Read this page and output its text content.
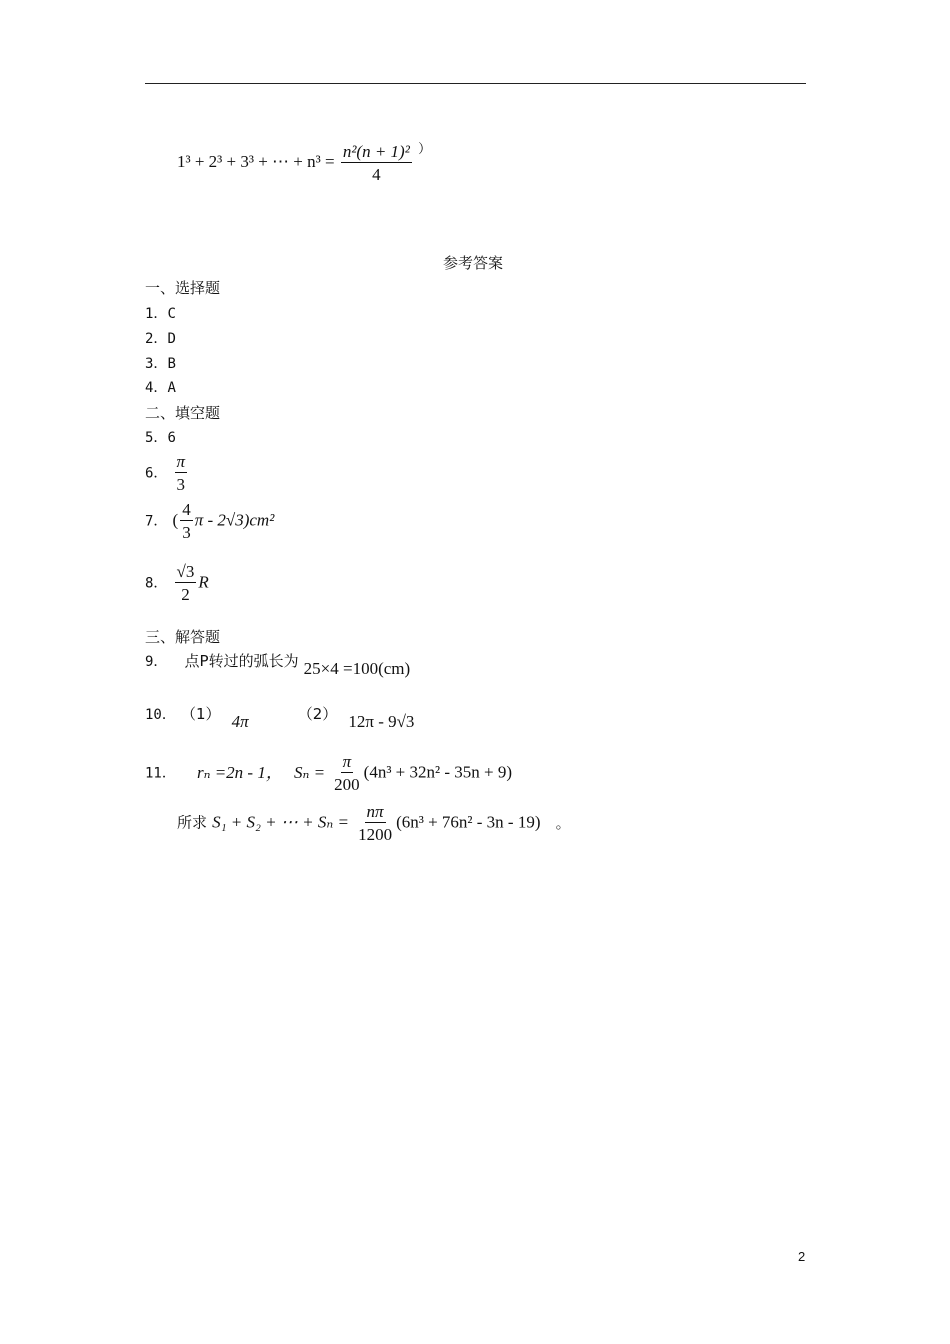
1³ + 2³ + 3³ + ⋯ + $n^3 = \frac{\text{n²(n + 1)²}}{4} ^)$
参考答案
一、选择题
1．C
2．D
3．B
4．A
二、填空题
5．6
6． $\frac{\pi}{3}$
7． ( $\frac{4}{3}$ π - 2√3)cm²
8． $\frac{√3}{2}$ R
三、解答题
9． 点P转过的弧长为 25×4 =100(cm)
10． （1） 4π	（2） 12π - 9√3
11． rₙ =2n - 1， $S_n = \frac{\pi}{200} (4n^3 + 32n^2 - 35n + 9)$
所求 S₁ + S₂ + ⋯ + $S_n = \frac{n\pi}{1200} (6n^3 + 76n^2 - 3n - 19)$ 。
2
